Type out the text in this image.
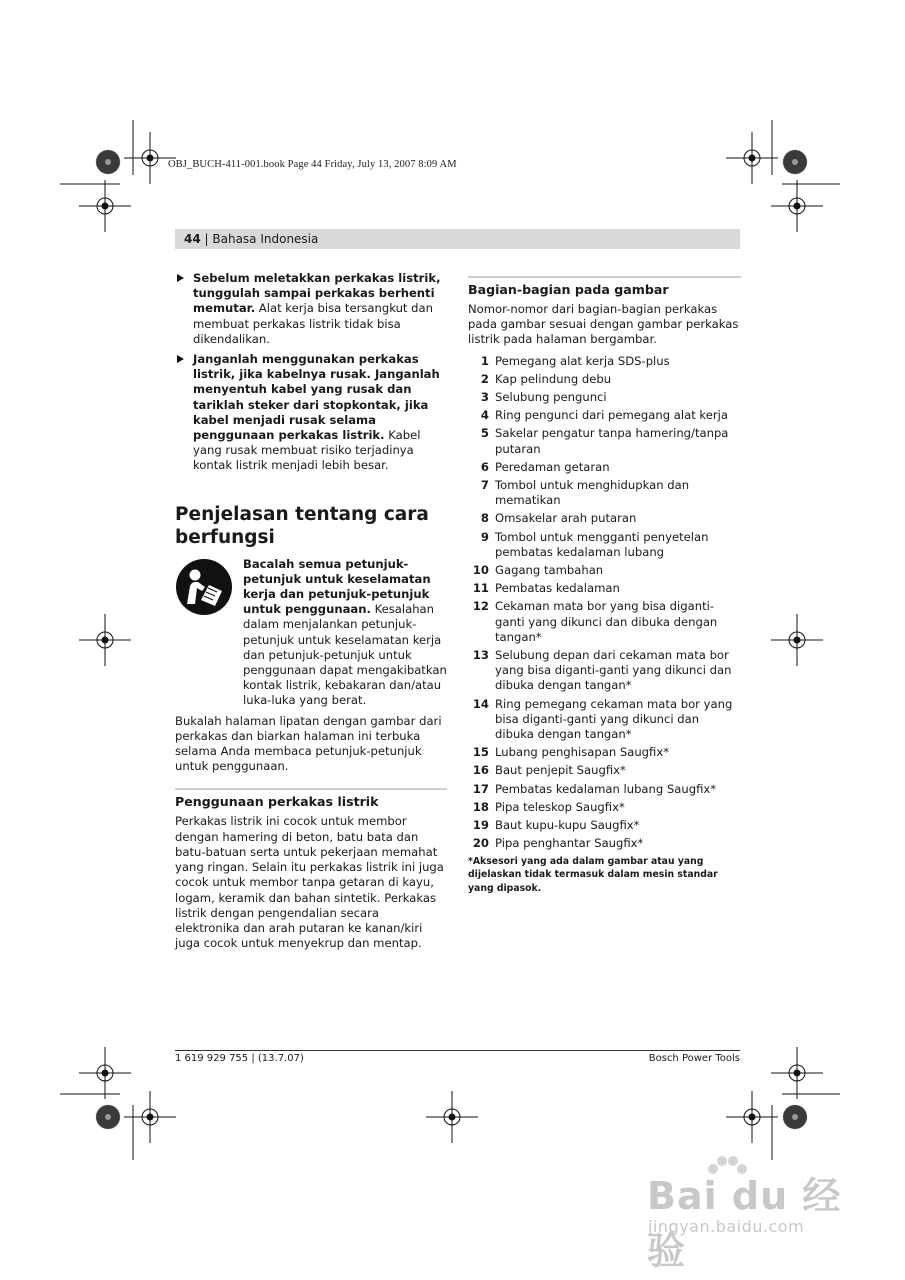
OBJ_BUCH-411-001.book Page 44 Friday, July 13, 2007 8:09 AM
44 | Bahasa Indonesia
Sebelum meletakkan perkakas listrik, tunggulah sampai perkakas berhenti memutar. Alat kerja bisa tersangkut dan membuat perkakas listrik tidak bisa dikendalikan.
Janganlah menggunakan perkakas listrik, jika kabelnya rusak. Janganlah menyentuh kabel yang rusak dan tariklah steker dari stopkontak, jika kabel menjadi rusak selama penggunaan perkakas listrik. Kabel yang rusak membuat risiko terjadinya kontak listrik menjadi lebih besar.
Penjelasan tentang cara berfungsi
Bacalah semua petunjuk-petunjuk untuk keselamatan kerja dan petunjuk-petunjuk untuk penggunaan. Kesalahan dalam menjalankan petunjuk-petunjuk untuk keselamatan kerja dan petunjuk-petunjuk untuk penggunaan dapat mengakibatkan kontak listrik, kebakaran dan/atau luka-luka yang berat.
Bukalah halaman lipatan dengan gambar dari perkakas dan biarkan halaman ini terbuka selama Anda membaca petunjuk-petunjuk untuk penggunaan.
Penggunaan perkakas listrik
Perkakas listrik ini cocok untuk membor dengan hamering di beton, batu bata dan batu-batuan serta untuk pekerjaan memahat yang ringan. Selain itu perkakas listrik ini juga cocok untuk membor tanpa getaran di kayu, logam, keramik dan bahan sintetik. Perkakas listrik dengan pengendalian secara elektronika dan arah putaran ke kanan/kiri juga cocok untuk menyekrup dan mentap.
Bagian-bagian pada gambar
Nomor-nomor dari bagian-bagian perkakas pada gambar sesuai dengan gambar perkakas listrik pada halaman bergambar.
1 Pemegang alat kerja SDS-plus
2 Kap pelindung debu
3 Selubung pengunci
4 Ring pengunci dari pemegang alat kerja
5 Sakelar pengatur tanpa hamering/tanpa putaran
6 Peredaman getaran
7 Tombol untuk menghidupkan dan mematikan
8 Omsakelar arah putaran
9 Tombol untuk mengganti penyetelan pembatas kedalaman lubang
10 Gagang tambahan
11 Pembatas kedalaman
12 Cekaman mata bor yang bisa diganti-ganti yang dikunci dan dibuka dengan tangan*
13 Selubung depan dari cekaman mata bor yang bisa diganti-ganti yang dikunci dan dibuka dengan tangan*
14 Ring pemegang cekaman mata bor yang bisa diganti-ganti yang dikunci dan dibuka dengan tangan*
15 Lubang penghisapan Saugfix*
16 Baut penjepit Saugfix*
17 Pembatas kedalaman lubang Saugfix*
18 Pipa teleskop Saugfix*
19 Baut kupu-kupu Saugfix*
20 Pipa penghantar Saugfix*
*Aksesori yang ada dalam gambar atau yang dijelaskan tidak termasuk dalam mesin standar yang dipasok.
1 619 929 755 | (13.7.07)	Bosch Power Tools
Bai du 经验
jingyan.baidu.com
